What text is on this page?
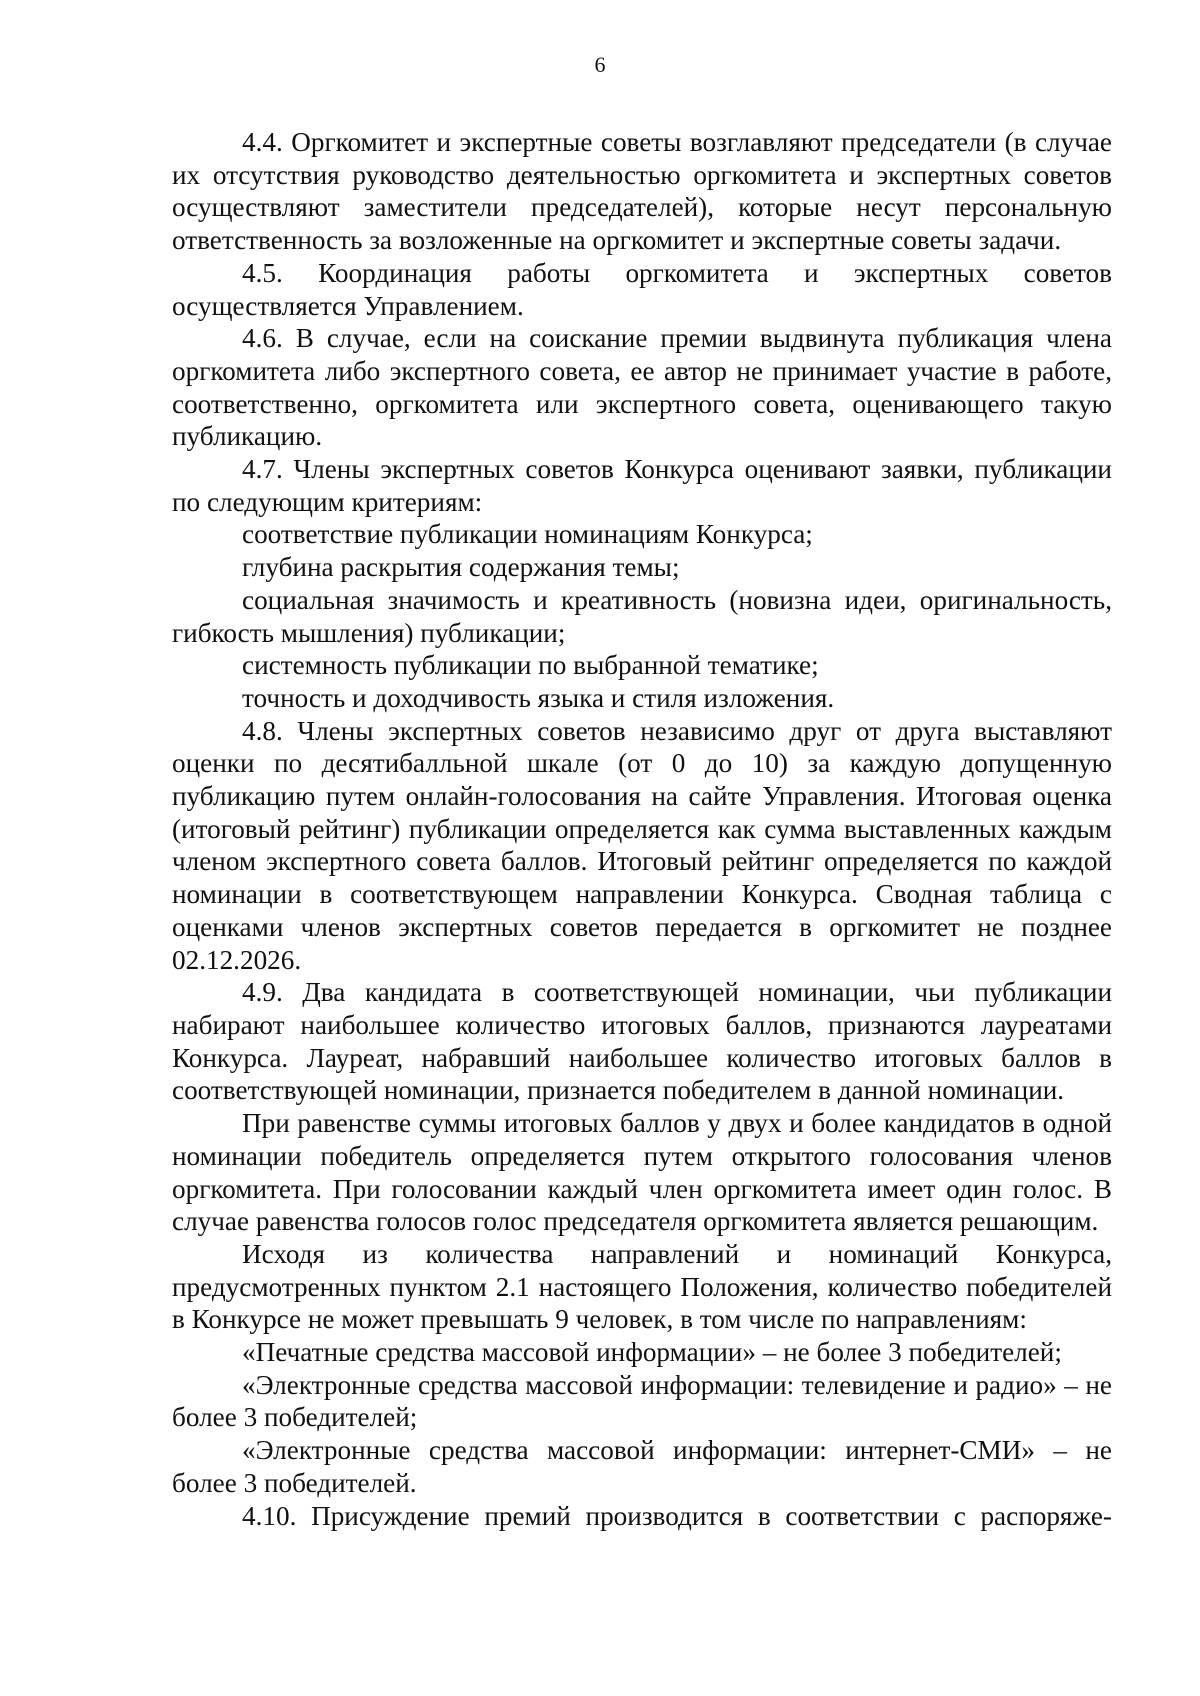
6

4.4. Оргкомитет и экспертные советы возглавляют председатели (в случае их отсутствия руководство деятельностью оргкомитета и экспертных советов осуществляют заместители председателей), которые несут персональную ответственность за возложенные на оргкомитет и экспертные советы задачи.

4.5. Координация работы оргкомитета и экспертных советов осуществляется Управлением.

4.6. В случае, если на соискание премии выдвинута публикация члена оргкомитета либо экспертного совета, ее автор не принимает участие в работе, соответственно, оргкомитета или экспертного совета, оценивающего такую публикацию.

4.7. Члены экспертных советов Конкурса оценивают заявки, публикации по следующим критериям:

соответствие публикации номинациям Конкурса;

глубина раскрытия содержания темы;

социальная значимость и креативность (новизна идеи, оригинальность, гибкость мышления) публикации;

системность публикации по выбранной тематике;

точность и доходчивость языка и стиля изложения.

4.8. Члены экспертных советов независимо друг от друга выставляют оценки по десятибалльной шкале (от 0 до 10) за каждую допущенную публикацию путем онлайн-голосования на сайте Управления. Итоговая оценка (итоговый рейтинг) публикации определяется как сумма выставленных каждым членом экспертного совета баллов. Итоговый рейтинг определяется по каждой номинации в соответствующем направлении Конкурса. Сводная таблица с оценками членов экспертных советов передается в оргкомитет не позднее 02.12.2026.

4.9. Два кандидата в соответствующей номинации, чьи публикации набирают наибольшее количество итоговых баллов, признаются лауреатами Конкурса. Лауреат, набравший наибольшее количество итоговых баллов в соответствующей номинации, признается победителем в данной номинации.

При равенстве суммы итоговых баллов у двух и более кандидатов в одной номинации победитель определяется путем открытого голосования членов оргкомитета. При голосовании каждый член оргкомитета имеет один голос. В случае равенства голосов голос председателя оргкомитета является решающим.

Исходя из количества направлений и номинаций Конкурса, предусмотренных пунктом 2.1 настоящего Положения, количество победителей в Конкурсе не может превышать 9 человек, в том числе по направлениям:

«Печатные средства массовой информации» – не более 3 победителей;

«Электронные средства массовой информации: телевидение и радио» – не более 3 победителей;

«Электронные средства массовой информации: интернет-СМИ» – не более 3 победителей.

4.10. Присуждение премий производится в соответствии с распоряже-
